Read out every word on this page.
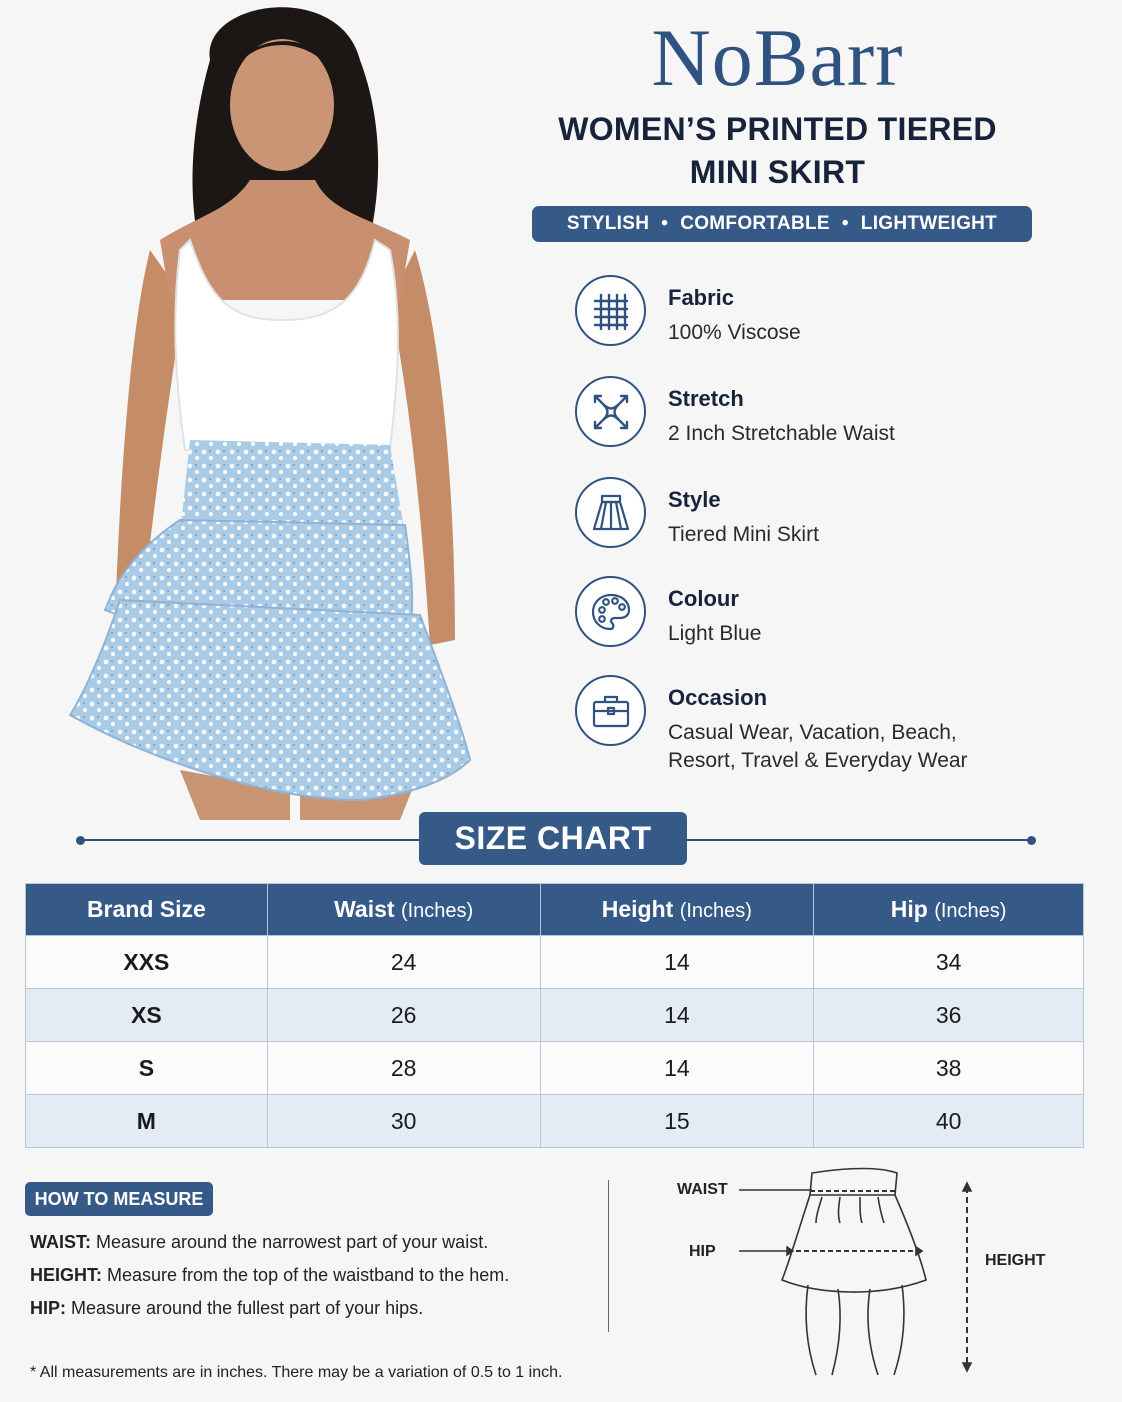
NoBarr
WOMEN’S PRINTED TIERED
MINI SKIRT
STYLISH • COMFORTABLE • LIGHTWEIGHT
Fabric
100% Viscose
Stretch
2 Inch Stretchable Waist
Style
Tiered Mini Skirt
Colour
Light Blue
Occasion
Casual Wear, Vacation, Beach,
Resort, Travel & Everyday Wear
SIZE CHART
Brand Size	Waist (Inches)	Height (Inches)	Hip (Inches)
XXS	24	14	34
XS	26	14	36
S	28	14	38
M	30	15	40
HOW TO MEASURE
WAIST: Measure around the narrowest part of your waist.
HEIGHT: Measure from the top of the waistband to the hem.
HIP: Measure around the fullest part of your hips.
* All measurements are in inches. There may be a variation of 0.5 to 1 inch.
WAIST
HIP
HEIGHT
